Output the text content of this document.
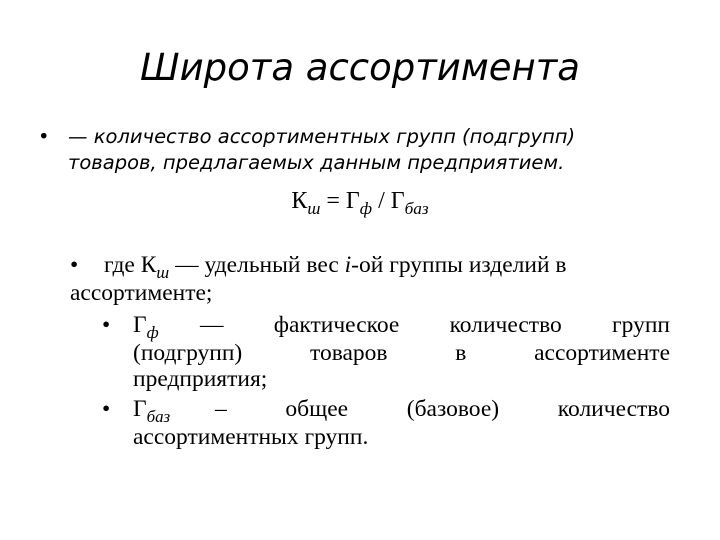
Широта ассортимента
• — количество ассортиментных групп (подгрупп)
товаров, предлагаемых данным предприятием.
$К_ш = Г_ф / Г_{баз}$
• где $К_ш$ — удельный вес i-ой группы изделий в
ассортименте;
• $Г_ф$ — фактическое количество групп
(подгрупп)	товаров	в	ассортименте
предприятия;
• $Г_{баз}$ – общее (базовое) количество
ассортиментных групп.
